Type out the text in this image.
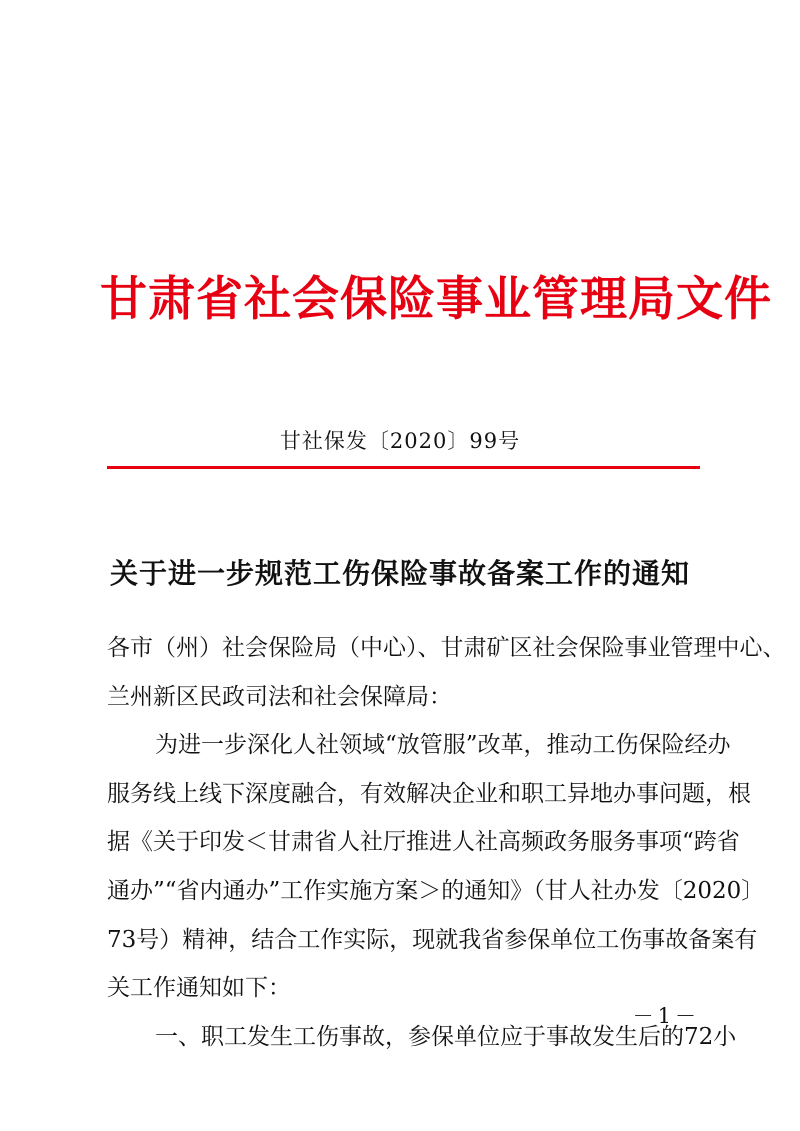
甘肃省社会保险事业管理局文件
甘社保发〔2020〕99号
关于进一步规范工伤保险事故备案工作的通知
各市（州）社会保险局（中心）、甘肃矿区社会保险事业管理中心、
兰州新区民政司法和社会保障局：
为进一步深化人社领域“放管服”改革，推动工伤保险经办
服务线上线下深度融合，有效解决企业和职工异地办事问题，根
据《关于印发＜甘肃省人社厅推进人社高频政务服务事项“跨省
通办”“省内通办”工作实施方案＞的通知》（甘人社办发〔2020〕
73号）精神，结合工作实际，现就我省参保单位工伤事故备案有
关工作通知如下：
一、职工发生工伤事故，参保单位应于事故发生后的72小
－1－
